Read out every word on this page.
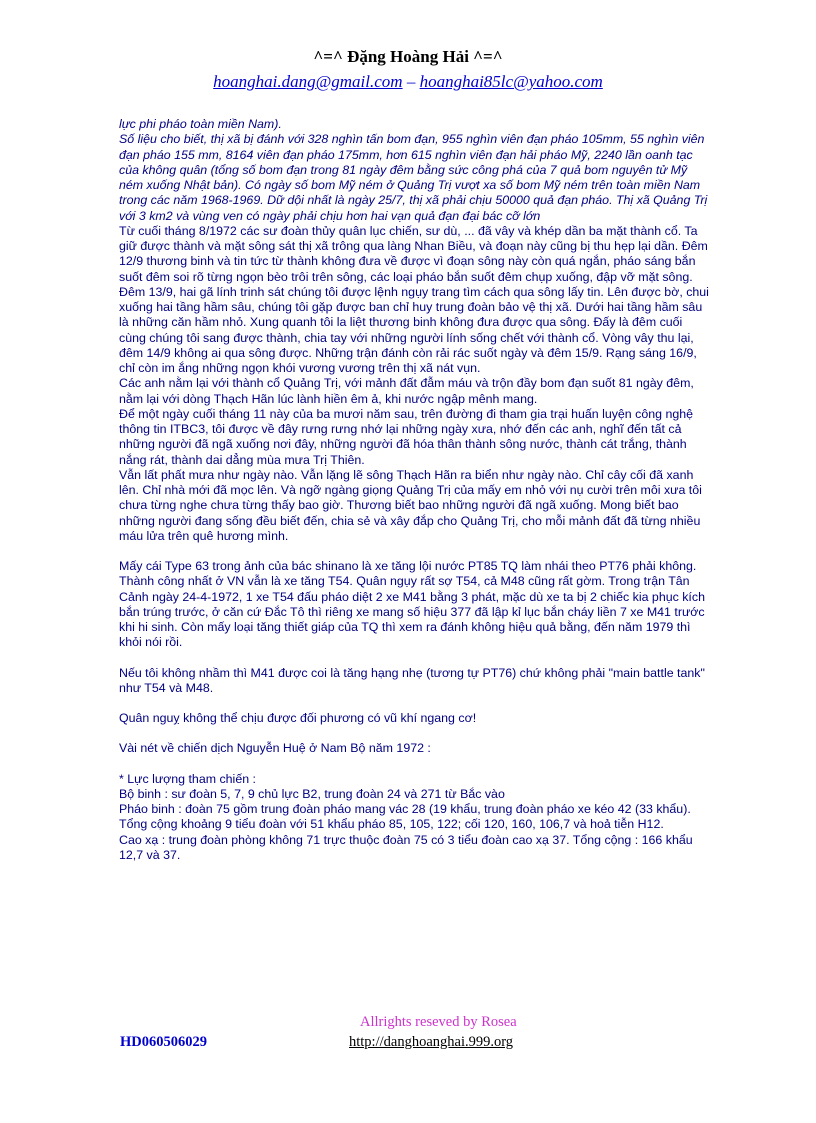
^=^ Đặng Hoàng Hải ^=^
hoanghai.dang@gmail.com – hoanghai85lc@yahoo.com

lực phi pháo toàn miền Nam).
Số liệu cho biết, thị xã bị đánh với 328 nghìn tấn bom đạn, 955 nghìn viên đạn pháo 105mm, 55 nghìn viên đạn pháo 155 mm, 8164 viên đạn pháo 175mm, hơn 615 nghìn viên đạn hải pháo Mỹ, 2240 lần oanh tạc của không quân (tổng số bom đạn trong 81 ngày đêm bằng sức công phá của 7 quả bom nguyên tử Mỹ ném xuống Nhật bản). Có ngày số bom Mỹ ném ở Quảng Trị vượt xa số bom Mỹ ném trên toàn miền Nam trong các năm 1968-1969. Dữ dội nhất là ngày 25/7, thị xã phải chịu 50000 quả đạn pháo. Thị xã Quảng Trị với 3 km2 và vùng ven có ngày phải chịu hơn hai vạn quả đạn đại bác cỡ lớn

Từ cuối tháng 8/1972 các sư đoàn thủy quân lục chiến, sư dù, ... đã vây và khép dần ba mặt thành cổ. Ta giữ được thành và mặt sông sát thị xã trông qua làng Nhan Biều, và đoạn này cũng bị thu hẹp lại dần. Đêm 12/9 thương binh và tin tức từ thành không đưa về được vì đoạn sông này còn quá ngắn, pháo sáng bắn suốt đêm soi rõ từng ngọn bèo trôi trên sông, các loại pháo bắn suốt đêm chụp xuống, đập vỡ mặt sông.

Đêm 13/9, hai gã lính trinh sát chúng tôi được lệnh ngụy trang tìm cách qua sông lấy tin. Lên được bờ, chui xuống hai tầng hầm sâu, chúng tôi gặp được ban chỉ huy trung đoàn bảo vệ thị xã. Dưới hai tầng hầm sâu là những căn hầm nhỏ. Xung quanh tôi la liệt thương binh không đưa được qua sông. Đấy là đêm cuối cùng chúng tôi sang được thành, chia tay với những người lính sống chết với thành cổ. Vòng vây thu lại, đêm 14/9 không ai qua sông được. Những trận đánh còn rải rác suốt ngày và đêm 15/9. Rạng sáng 16/9, chỉ còn im ắng những ngọn khói vương vương trên thị xã nát vụn.

Các anh nằm lại với thành cổ Quảng Trị, với mảnh đất đẫm máu và trộn đầy bom đạn suốt 81 ngày đêm, nằm lại với dòng Thạch Hãn lúc lành hiền êm ả, khi nước ngập mênh mang.

Để một ngày cuối tháng 11 này của ba mươi năm sau, trên đường đi tham gia trại huấn luyện công nghệ thông tin ITBC3, tôi được về đây rưng rưng nhớ lại những ngày xưa, nhớ đến các anh, nghĩ đến tất cả những người đã ngã xuống nơi đây, những người đã hóa thân thành sông nước, thành cát trắng, thành nắng rát, thành dai dẳng mùa mưa Trị Thiên.

Vẫn lất phất mưa như ngày nào. Vẫn lặng lẽ sông Thạch Hãn ra biển như ngày nào. Chỉ cây cối đã xanh lên. Chỉ nhà mới đã mọc lên. Và ngỡ ngàng giọng Quảng Trị của mấy em nhỏ với nụ cười trên môi xưa tôi chưa từng nghe chưa từng thấy bao giờ. Thương biết bao những người đã ngã xuống. Mong biết bao những người đang sống đều biết đến, chia sẻ và xây đắp cho Quảng Trị, cho mỗi mảnh đất đã từng nhiều máu lửa trên quê hương mình.

Mấy cái Type 63 trong ảnh của bác shinano là xe tăng lội nước PT85 TQ làm nhái theo PT76 phải không. Thành công nhất ở VN vẫn là xe tăng T54. Quân ngụy rất sợ T54, cả M48 cũng rất gờm. Trong trận Tân Cảnh ngày 24-4-1972, 1 xe T54 đấu pháo diệt 2 xe M41 bằng 3 phát, mặc dù xe ta bị 2 chiếc kia phục kích bắn trúng trước, ở căn cứ Đắc Tô thì riêng xe mang số hiệu 377 đã lập kỉ lục bắn cháy liền 7 xe M41 trước khi hi sinh. Còn mấy loại tăng thiết giáp của TQ thì xem ra đánh không hiệu quả bằng, đến năm 1979 thì khỏi nói rồi.

Nếu tôi không nhầm thì M41 được coi là tăng hạng nhẹ (tương tự PT76) chứ không phải "main battle tank" như T54 và M48.

Quân nguỵ không thể chịu được đối phương có vũ khí ngang cơ!

Vài nét về chiến dịch Nguyễn Huệ ở Nam Bộ năm 1972 :

* Lực lượng tham chiến :

Bộ binh : sư đoàn 5, 7, 9 chủ lực B2, trung đoàn 24 và 271 từ Bắc vào

Pháo binh : đoàn 75 gồm trung đoàn pháo mang vác 28 (19 khẩu, trung đoàn pháo xe kéo 42 (33 khẩu). Tổng cộng khoảng 9 tiểu đoàn với 51 khẩu pháo 85, 105, 122; cối 120, 160, 106,7 và hoả tiễn H12.

Cao xạ : trung đoàn phòng không 71 trực thuộc đoàn 75 có 3 tiểu đoàn cao xạ 37. Tổng cộng : 166 khẩu 12,7 và 37.

Allrights reseved by Rosea
HD060506029	http://danghoanghai.999.org
